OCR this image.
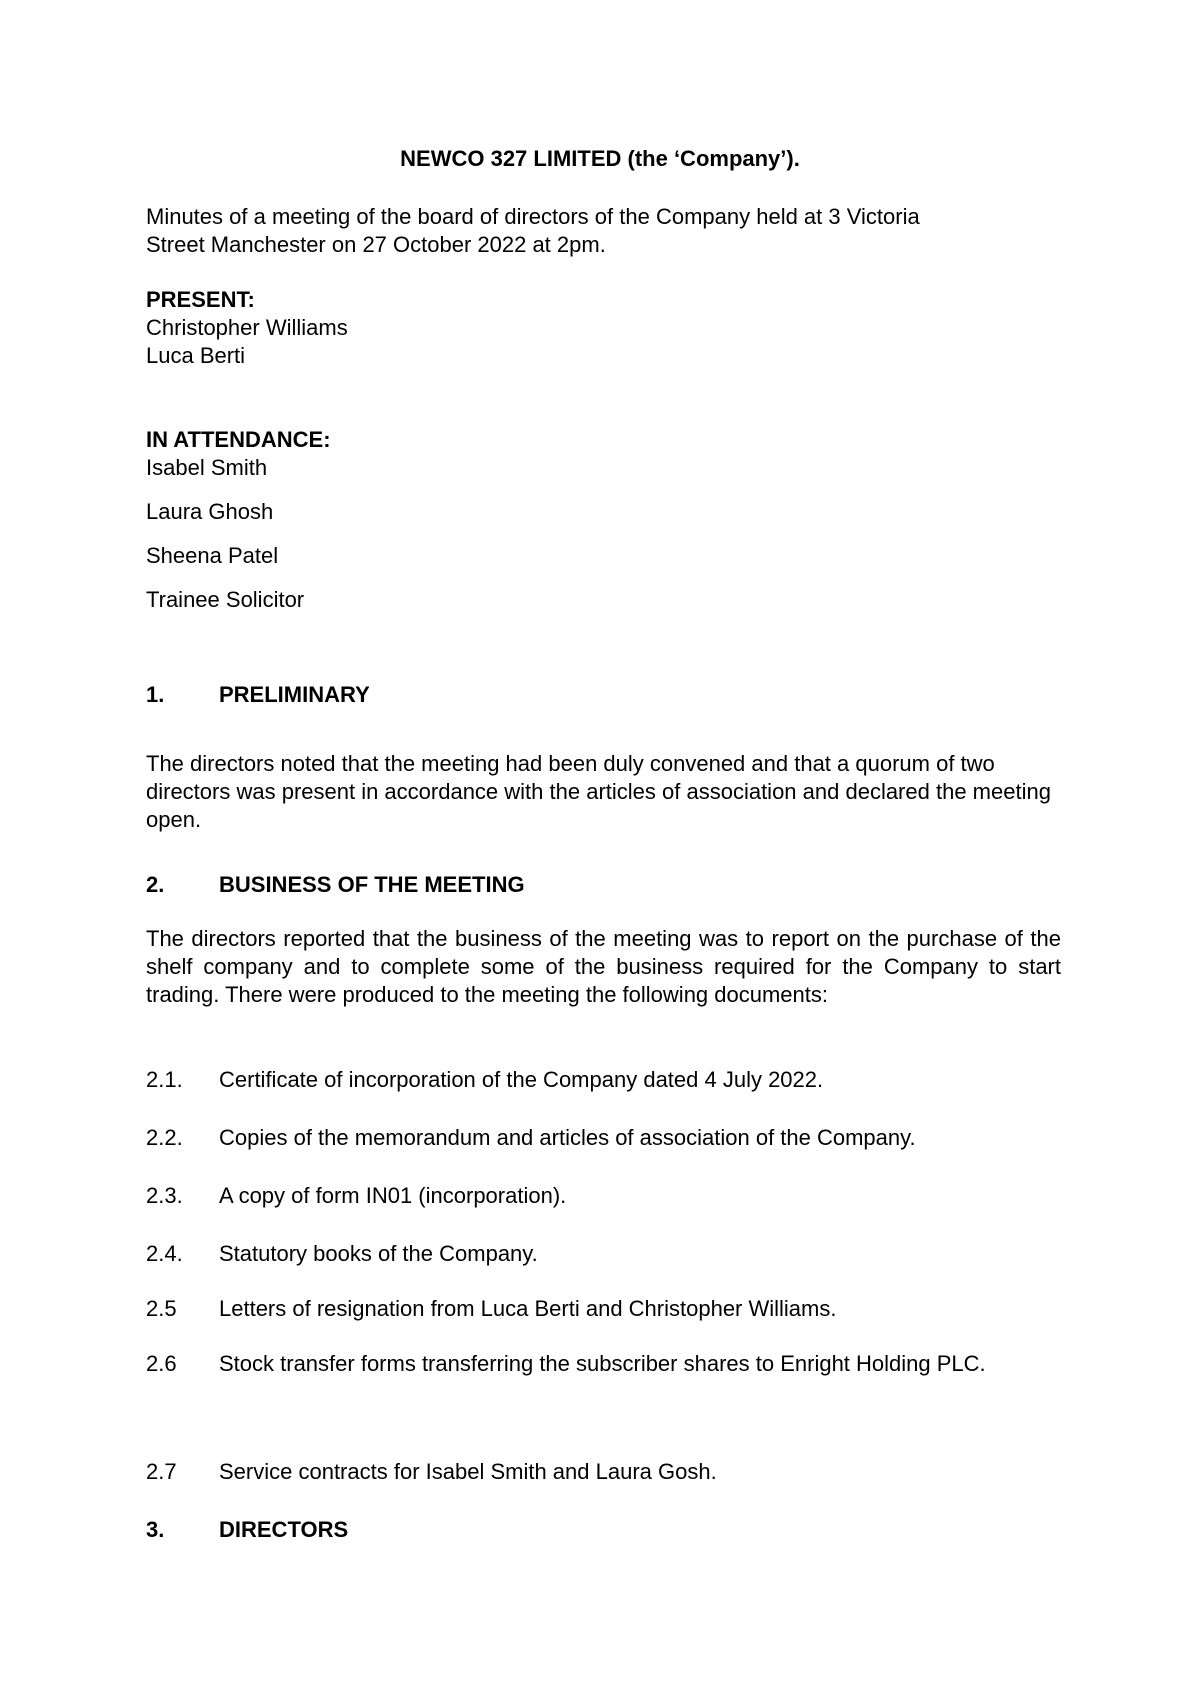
NEWCO 327 LIMITED (the ‘Company’).
Minutes of a meeting of the board of directors of the Company held at 3 Victoria
Street Manchester on 27 October 2022 at 2pm.
PRESENT:
Christopher Williams
Luca Berti
IN ATTENDANCE:
Isabel Smith
Laura Ghosh
Sheena Patel
Trainee Solicitor
1. PRELIMINARY
The directors noted that the meeting had been duly convened and that a quorum of two directors was present in accordance with the articles of association and declared the meeting open.
2. BUSINESS OF THE MEETING
The directors reported that the business of the meeting was to report on the purchase of the shelf company and to complete some of the business required for the Company to start trading. There were produced to the meeting the following documents:
2.1. Certificate of incorporation of the Company dated 4 July 2022.
2.2. Copies of the memorandum and articles of association of the Company.
2.3. A copy of form IN01 (incorporation).
2.4. Statutory books of the Company.
2.5 Letters of resignation from Luca Berti and Christopher Williams.
2.6 Stock transfer forms transferring the subscriber shares to Enright Holding PLC.
2.7 Service contracts for Isabel Smith and Laura Gosh.
3. DIRECTORS
